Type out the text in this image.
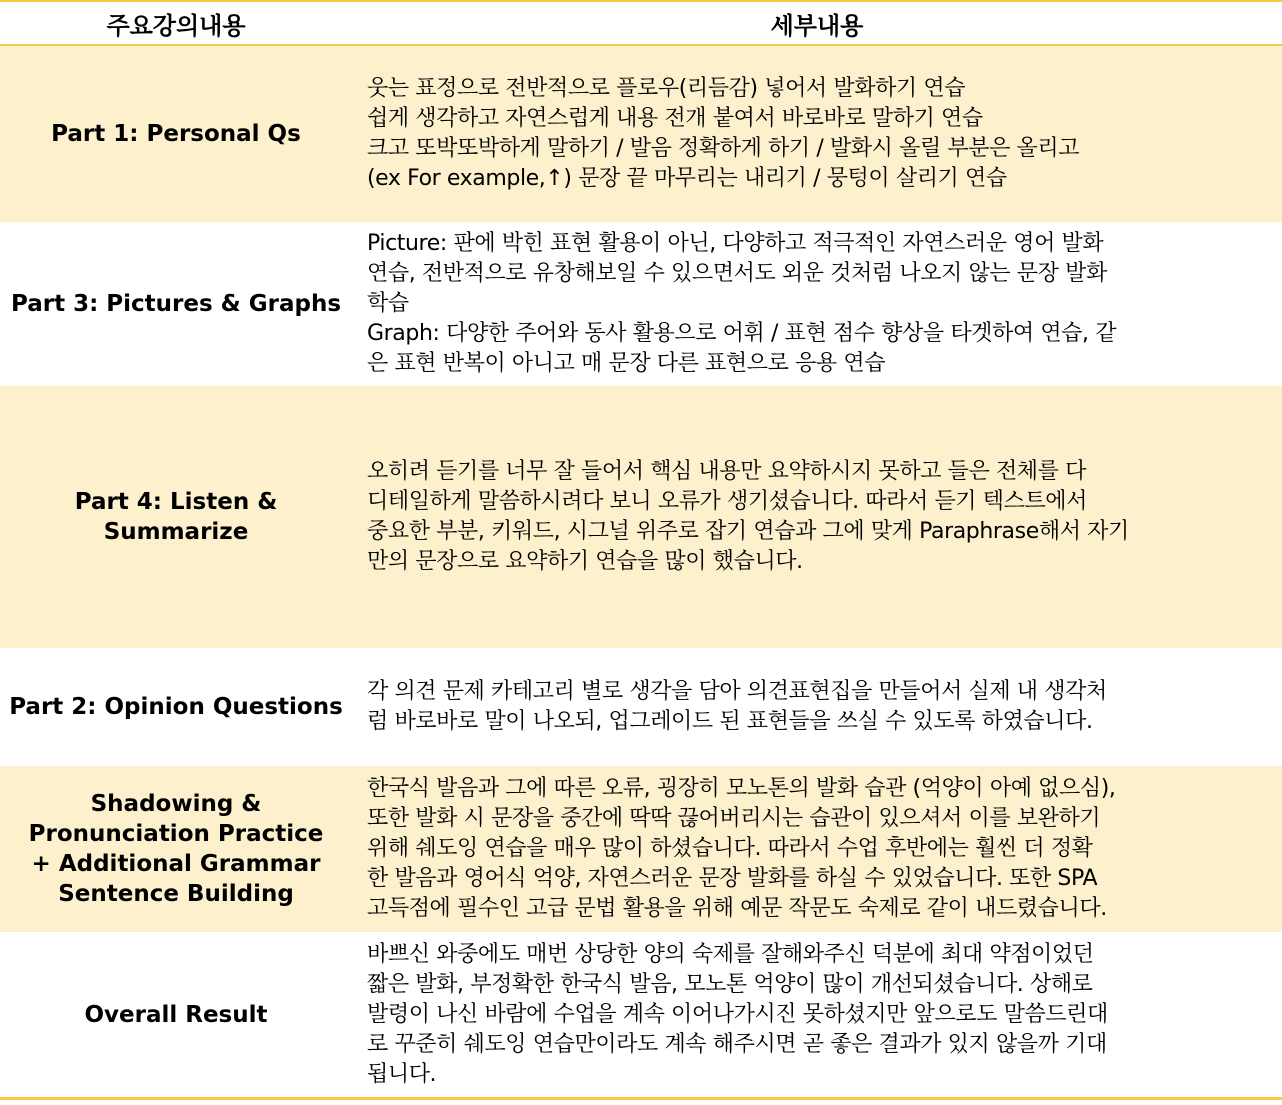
주요강의내용	세부내용
Part 1: Personal Qs
웃는 표정으로 전반적으로 플로우(리듬감) 넣어서 발화하기 연습
쉽게 생각하고 자연스럽게 내용 전개 붙여서 바로바로 말하기 연습
크고 또박또박하게 말하기 / 발음 정확하게 하기 / 발화시 올릴 부분은 올리고
(ex For example,↑) 문장 끝 마무리는 내리기 / 뭉텅이 살리기 연습
Part 3: Pictures & Graphs
Picture: 판에 박힌 표현 활용이 아닌, 다양하고 적극적인 자연스러운 영어 발화
연습, 전반적으로 유창해보일 수 있으면서도 외운 것처럼 나오지 않는 문장 발화
학습
Graph: 다양한 주어와 동사 활용으로 어휘 / 표현 점수 향상을 타겟하여 연습, 같
은 표현 반복이 아니고 매 문장 다른 표현으로 응용 연습
Part 4: Listen &
Summarize
오히려 듣기를 너무 잘 들어서 핵심 내용만 요약하시지 못하고 들은 전체를 다
디테일하게 말씀하시려다 보니 오류가 생기셨습니다. 따라서 듣기 텍스트에서
중요한 부분, 키워드, 시그널 위주로 잡기 연습과 그에 맞게 Paraphrase해서 자기
만의 문장으로 요약하기 연습을 많이 했습니다.
Part 2: Opinion Questions
각 의견 문제 카테고리 별로 생각을 담아 의견표현집을 만들어서 실제 내 생각처
럼 바로바로 말이 나오되, 업그레이드 된 표현들을 쓰실 수 있도록 하였습니다.
Shadowing &
Pronunciation Practice
+ Additional Grammar
Sentence Building
한국식 발음과 그에 따른 오류, 굉장히 모노톤의 발화 습관 (억양이 아예 없으심),
또한 발화 시 문장을 중간에 딱딱 끊어버리시는 습관이 있으셔서 이를 보완하기
위해 쉐도잉 연습을 매우 많이 하셨습니다. 따라서 수업 후반에는 훨씬 더 정확
한 발음과 영어식 억양, 자연스러운 문장 발화를 하실 수 있었습니다. 또한 SPA
고득점에 필수인 고급 문법 활용을 위해 예문 작문도 숙제로 같이 내드렸습니다.
Overall Result
바쁘신 와중에도 매번 상당한 양의 숙제를 잘해와주신 덕분에 최대 약점이었던
짧은 발화, 부정확한 한국식 발음, 모노톤 억양이 많이 개선되셨습니다. 상해로
발령이 나신 바람에 수업을 계속 이어나가시진 못하셨지만 앞으로도 말씀드린대
로 꾸준히 쉐도잉 연습만이라도 계속 해주시면 곧 좋은 결과가 있지 않을까 기대
됩니다.
